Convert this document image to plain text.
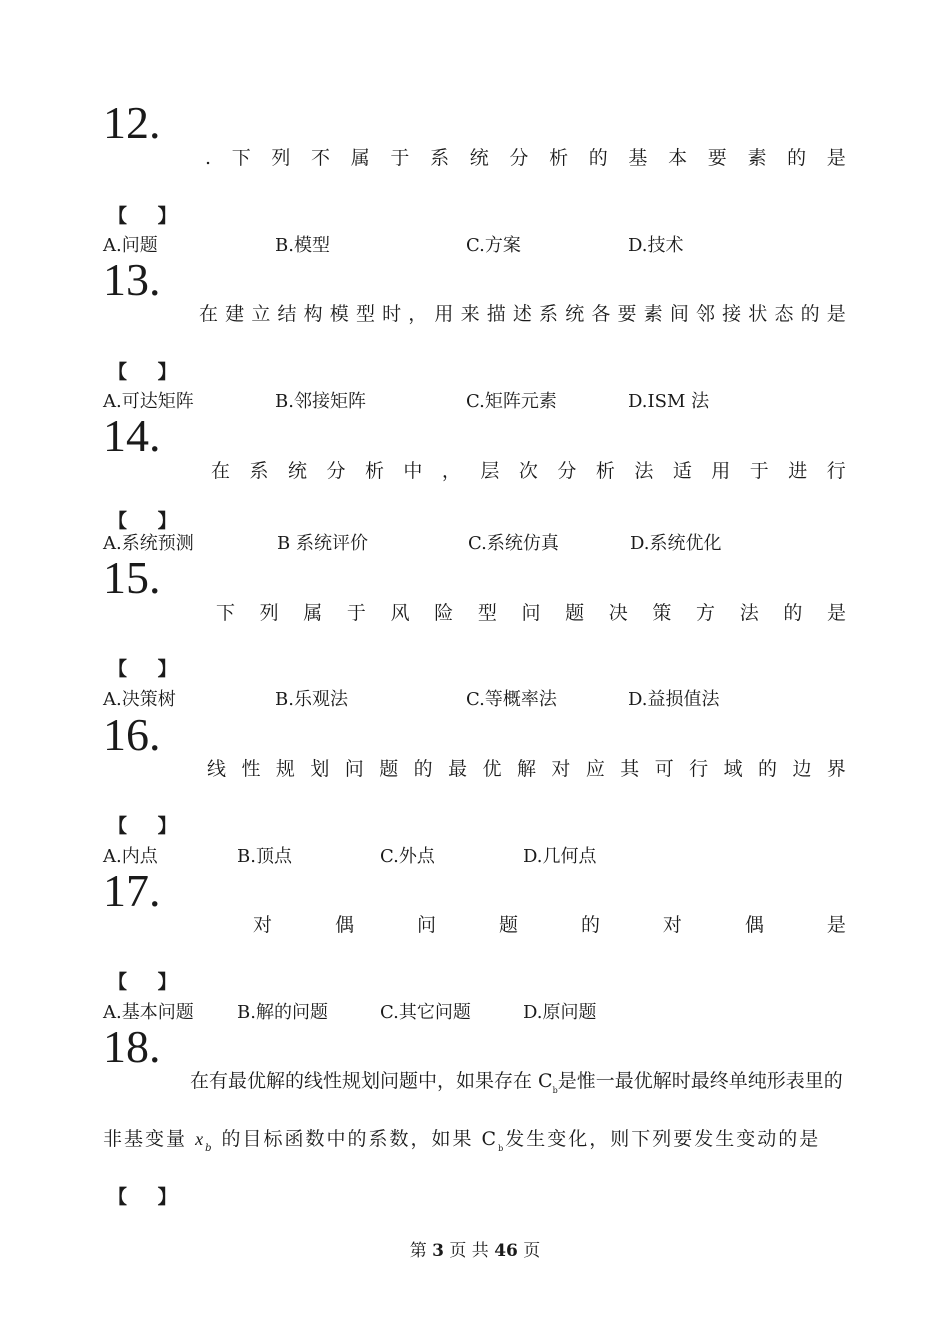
12.
. 下 列 不 属 于 系 统 分 析 的 基 本 要 素 的 是
【 】
A.问题	B.模型	C.方案	D.技术
13.
在 建 立 结 构 模 型 时 ， 用 来 描 述 系 统 各 要 素 间 邻 接 状 态 的 是
【 】
A.可达矩阵	B.邻接矩阵	C.矩阵元素	D.ISM 法
14.
在 系 统 分 析 中 ， 层 次 分 析 法 适 用 于 进 行
【 】
A.系统预测	B 系统评价	C.系统仿真	D.系统优化
15.
下 列 属 于 风 险 型 问 题 决 策 方 法 的 是
【 】
A.决策树	B.乐观法	C.等概率法	D.益损值法
16.
线 性 规 划 问 题 的 最 优 解 对 应 其 可 行 域 的 边 界
【 】
A.内点	B.顶点	C.外点	D.几何点
17.
对	偶	问	题	的	对	偶	是
【 】
A.基本问题 B.解的问题	C.其它问题	D.原问题
18.
在有最优解的线性规划问题中，如果存在 $C_b$是惟一最优解时最终单纯形表里的
非基变量 $x_b$ 的目标函数中的系数，如果 $C_b$发生变化，则下列要发生变动的是
【 】
第 3 页 共 46 页
